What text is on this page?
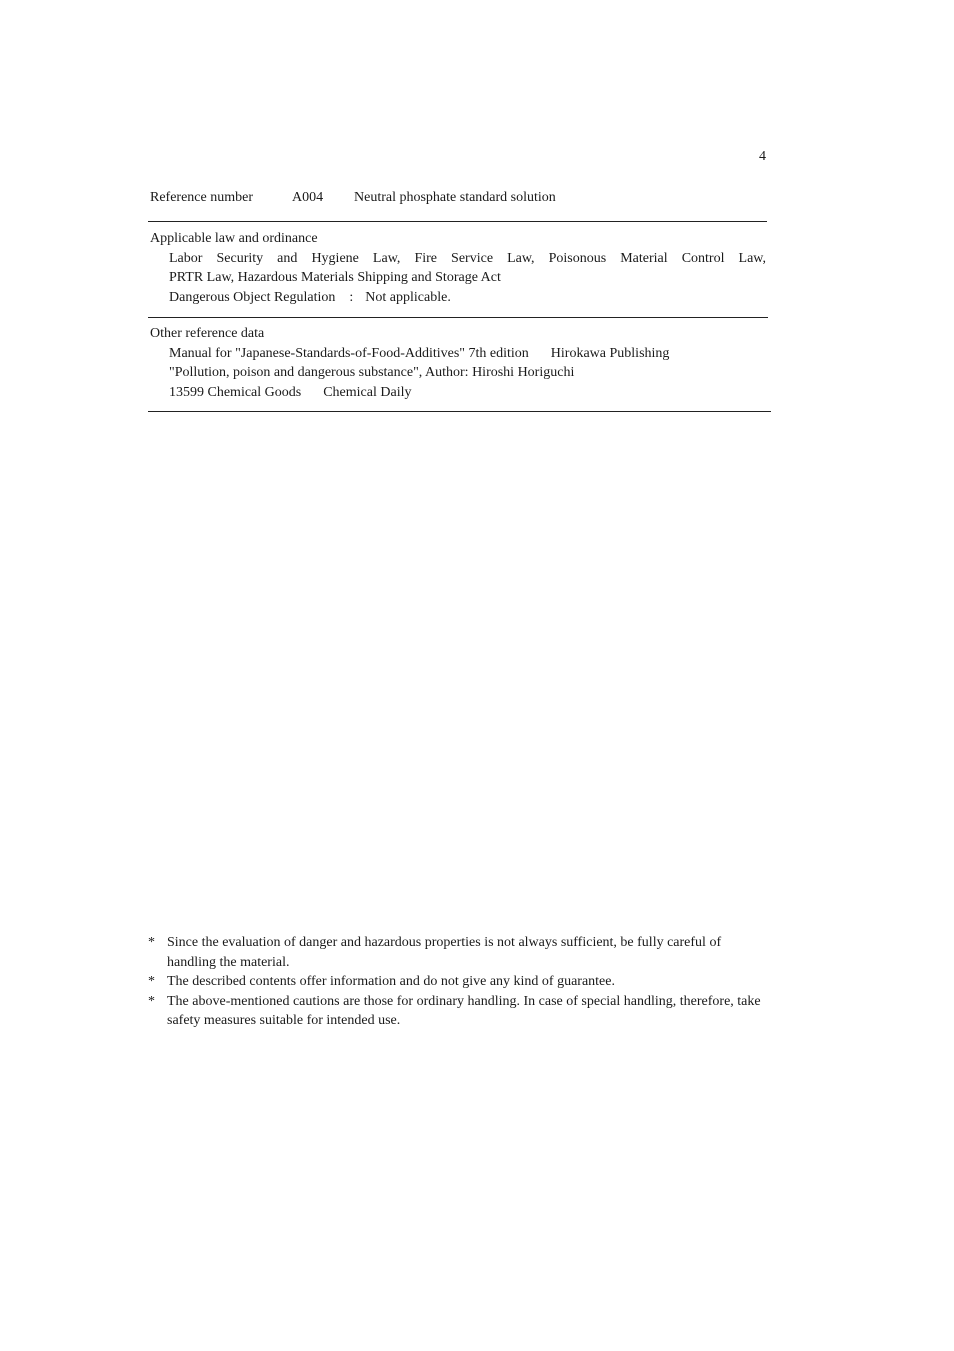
4
Reference number	A004 Neutral phosphate standard solution
Applicable law and ordinance
Labor Security and Hygiene Law, Fire Service Law, Poisonous Material Control Law,
PRTR Law, Hazardous Materials Shipping and Storage Act
Dangerous Object Regulation : Not applicable.
Other reference data
Manual for "Japanese-Standards-of-Food-Additives" 7th edition Hirokawa Publishing
"Pollution, poison and dangerous substance", Author: Hiroshi Horiguchi
13599 Chemical Goods Chemical Daily
* Since the evaluation of danger and hazardous properties is not always sufficient, be fully careful of handling the material.
* The described contents offer information and do not give any kind of guarantee.
* The above-mentioned cautions are those for ordinary handling. In case of special handling, therefore, take safety measures suitable for intended use.
